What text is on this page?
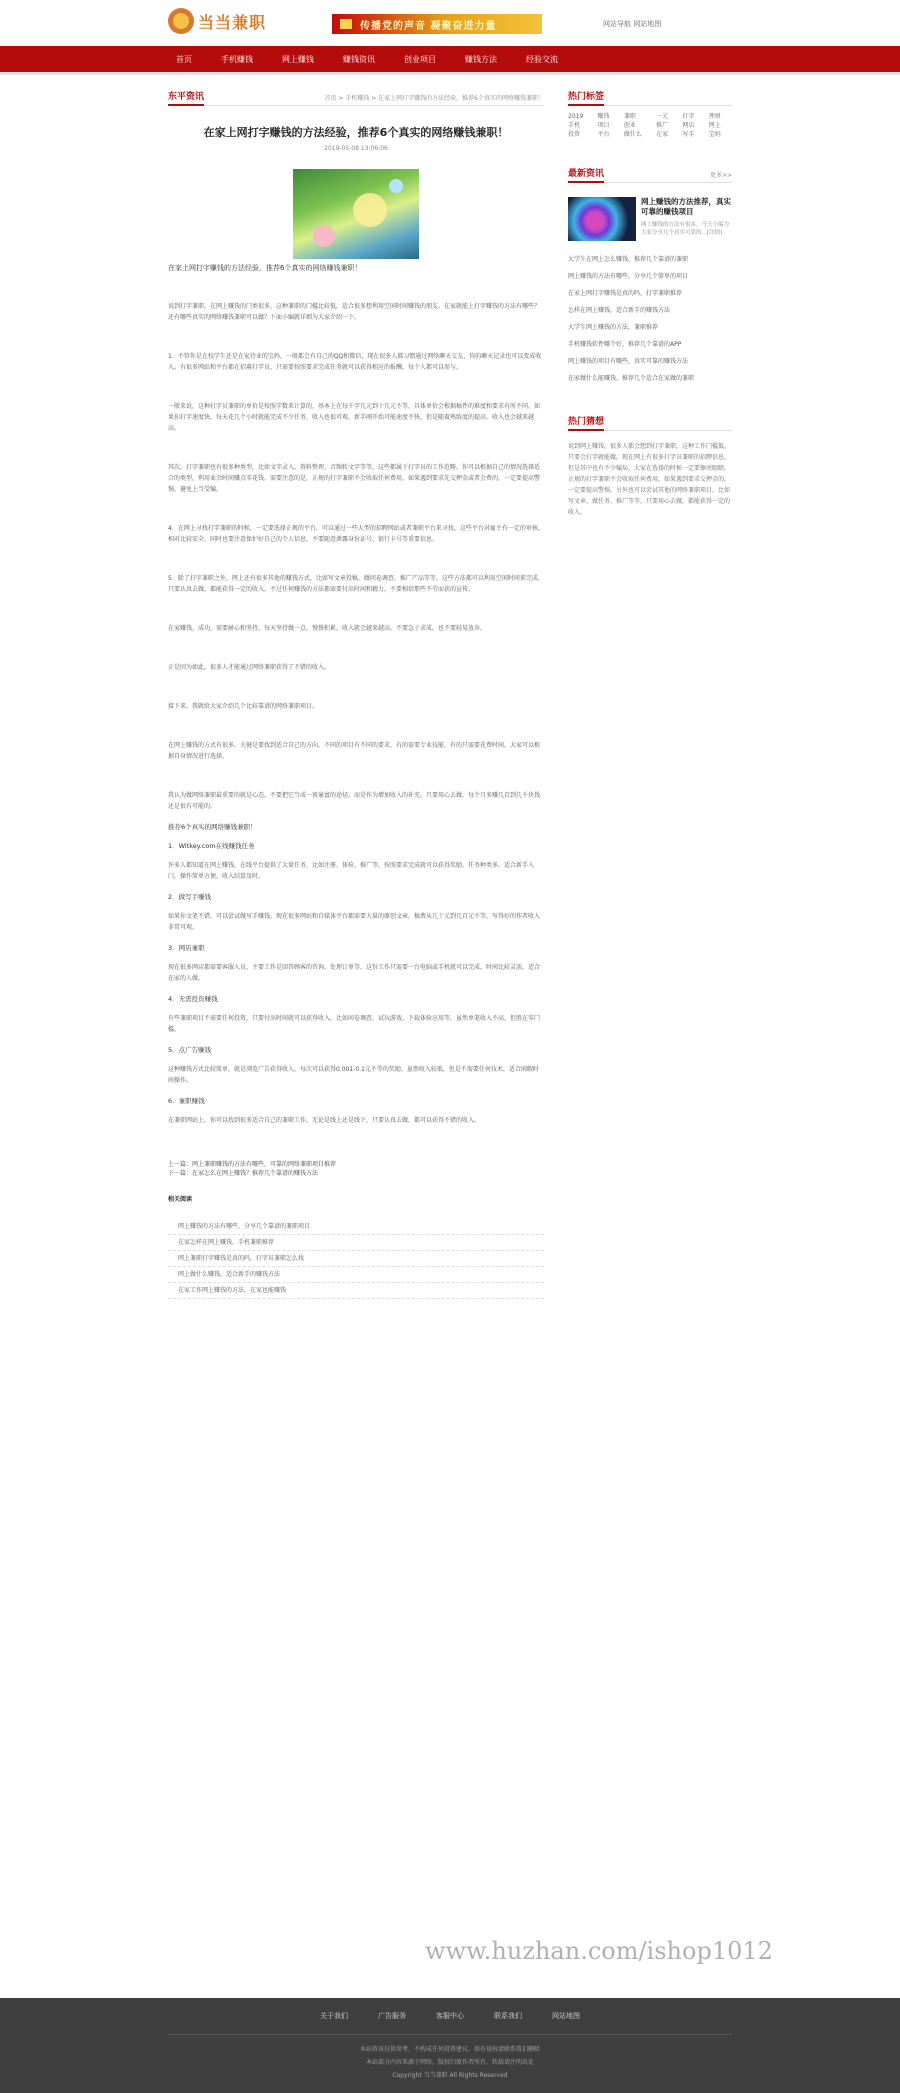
当当兼职	传播党的声音 凝聚奋进力量	网站导航 网站地图
首页	手机赚钱	网上赚钱	赚钱资讯	创业项目	赚钱方法	经验交流
东平资讯	首页 > 手机赚钱 > 在家上网打字赚钱的方法经验，推荐6个真实的网络赚钱兼职！
在家上网打字赚钱的方法经验，推荐6个真实的网络赚钱兼职！
2019-05-08 13:06:06
在家上网打字赚钱的方法经验，推荐6个真实的网络赚钱兼职！

说到打字兼职，在网上赚钱的门类很多，这种兼职的门槛比较低，适合很多想利用空闲时间赚钱的朋友。在家就能上打字赚钱的方法有哪些？还有哪些真实的网络赚钱兼职可以做？下面小编就详细为大家介绍一下。

1．不管你是在校学生还是在家待业的宝妈，一般都会有自己的QQ和微信，现在很多人都习惯通过网络聊天交友，你的聊天记录也可以变成收入。有很多网站和平台都在招募打字员，只需要按照要求完成任务就可以获得相应的报酬，每个人都可以参与。

一般来说，这种打字员兼职的单价是按照字数来计算的，基本上在每千字几元到十几元不等，具体单价会根据稿件的难度和要求有所不同。如果你打字速度快，每天花几个小时就能完成不少任务，收入也很可观。新手刚开始可能速度不快，但是随着熟练度的提高，收入也会越来越高。

其次，打字兼职也有很多种类型，比如文字录入、资料整理、音频转文字等等，这些都属于打字员的工作范畴。你可以根据自己的情况选择适合的类型，利用业余时间赚点零花钱。需要注意的是，正规的打字兼职不会收取任何费用，如果遇到要求先交押金或者会费的，一定要提高警惕，避免上当受骗。

4．在网上寻找打字兼职的时候，一定要选择正规的平台，可以通过一些大型的招聘网站或者兼职平台来寻找，这些平台对雇主有一定的审核，相对比较安全。同时也要注意保护好自己的个人信息，不要随意泄露身份证号、银行卡号等重要信息。

5．除了打字兼职之外，网上还有很多其他的赚钱方式，比如写文章投稿、做问卷调查、推广产品等等，这些方法都可以利用空闲时间来完成，只要认真去做，都能获得一定的收入。不过任何赚钱的方法都需要付出时间和精力，不要相信那些不劳而获的宣传。

在家赚钱，成功，需要耐心和坚持。每天坚持做一点，慢慢积累，收入就会越来越高。不要急于求成，也不要轻易放弃。

正是因为如此，很多人才能通过网络兼职获得了不错的收入。

接下来，我就给大家介绍几个比较靠谱的网络兼职项目。

在网上赚钱的方式有很多，关键是要找到适合自己的方向。不同的项目有不同的要求，有的需要专业技能，有的只需要花费时间，大家可以根据自身情况进行选择。

我认为做网络兼职最重要的就是心态，不要把它当成一夜暴富的途径，而是作为增加收入的补充。只要用心去做，每个月多赚几百到几千块钱还是很有可能的。

推荐6个真实的网络赚钱兼职！

1．Witkey.com在线赚钱任务

许多人都知道在网上赚钱，在线平台提供了大量任务，比如注册、体验、推广等，按照要求完成就可以获得奖励。任务种类多，适合新手入门，操作简单方便，收入结算及时。

2．做写手赚钱

如果你文笔不错，可以尝试做写手赚钱。现在很多网站和自媒体平台都需要大量的原创文章，稿费从几十元到几百元不等，写得好的作者收入非常可观。

3．网店兼职

现在很多网店都需要客服人员，主要工作是回答顾客的咨询、处理订单等，这份工作只需要一台电脑或手机就可以完成，时间比较灵活，适合在家的人做。

4．无需投资赚钱

有些兼职项目不需要任何投资，只要付出时间就可以获得收入，比如问卷调查、试玩游戏、下载体验应用等，虽然单笔收入不高，但胜在零门槛。

5．点广告赚钱

这种赚钱方式比较简单，就是浏览广告获得收入，每次可以获得0.001-0.1元不等的奖励，虽然收入较低，但是不需要任何技术，适合闲暇时间操作。

6．兼职赚钱

在兼职网站上，你可以找到很多适合自己的兼职工作，无论是线上还是线下，只要认真去做，都可以获得不错的收入。

上一篇：网上兼职赚钱的方法有哪些，可靠的网络兼职项目推荐
下一篇：在家怎么在网上赚钱？推荐几个靠谱的赚钱方法
相关阅读
网上赚钱的方法有哪些，分享几个靠谱的兼职项目
在家怎样在网上赚钱，手机兼职推荐
网上兼职打字赚钱是真的吗，打字员兼职怎么找
网上做什么赚钱，适合新手的赚钱方法
在家工作网上赚钱的方法，在家也能赚钱
热门标签
2019	赚钱	兼职	一元	打字	理财
手机	项目	创业	推广	网店	网上
投资	平台	做什么	在家	写手	宝妈
最新资讯	更多>>
网上赚钱的方法推荐，真实可靠的赚钱项目
网上赚钱的方法有很多，今天小编为大家分享几个真实可靠的...[详细]
大学生在网上怎么赚钱，推荐几个靠谱的兼职
网上赚钱的方法有哪些，分享几个简单的项目
在家上网打字赚钱是真的吗，打字兼职推荐
怎样在网上赚钱，适合新手的赚钱方法
大学生网上赚钱的方法，兼职推荐
手机赚钱软件哪个好，推荐几个靠谱的APP
网上赚钱的项目有哪些，真实可靠的赚钱方法
在家做什么能赚钱，推荐几个适合在家做的兼职
热门猜想
说到网上赚钱，很多人都会想到打字兼职，这种工作门槛低，只要会打字就能做。现在网上有很多打字员兼职的招聘信息，但是其中也有不少骗局，大家在选择的时候一定要擦亮眼睛。正规的打字兼职不会收取任何费用，如果遇到要求交押金的，一定要提高警惕。另外也可以尝试其他的网络兼职项目，比如写文章、做任务、推广等等，只要用心去做，都能获得一定的收入。
www.huzhan.com/ishop1012
关于我们	广告服务	客服中心	联系我们	网站地图
本站资讯仅供参考，不构成任何投资建议，如有侵权请联系我们删除
本站部分内容来源于网络，版权归原作者所有，转载请注明出处
Copyright 当当兼职 All Rights Reserved
